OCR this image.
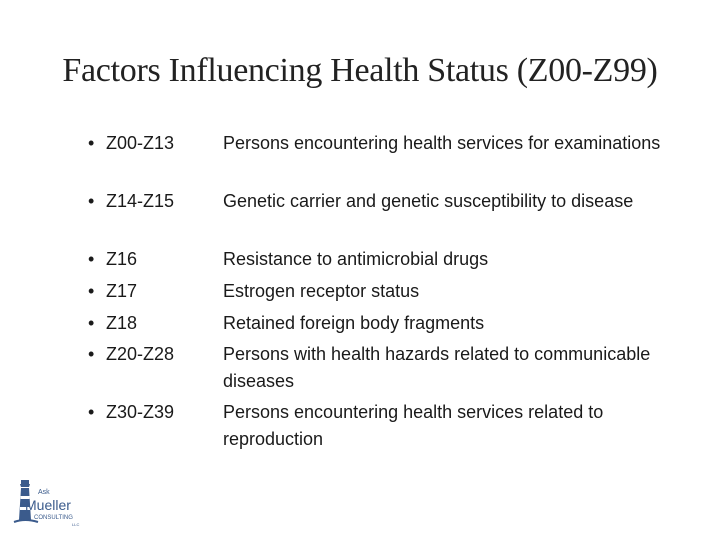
Factors Influencing Health Status (Z00-Z99)
• Z00-Z13	Persons encountering health services for examinations
• Z14-Z15	Genetic carrier and genetic susceptibility to disease
• Z16	Resistance to antimicrobial drugs
• Z17	Estrogen receptor status
• Z18	Retained foreign body fragments
• Z20-Z28	Persons with health hazards related to communicable diseases
• Z30-Z39	Persons encountering health services related to reproduction
Ask
Mueller
CONSULTING
LLC
